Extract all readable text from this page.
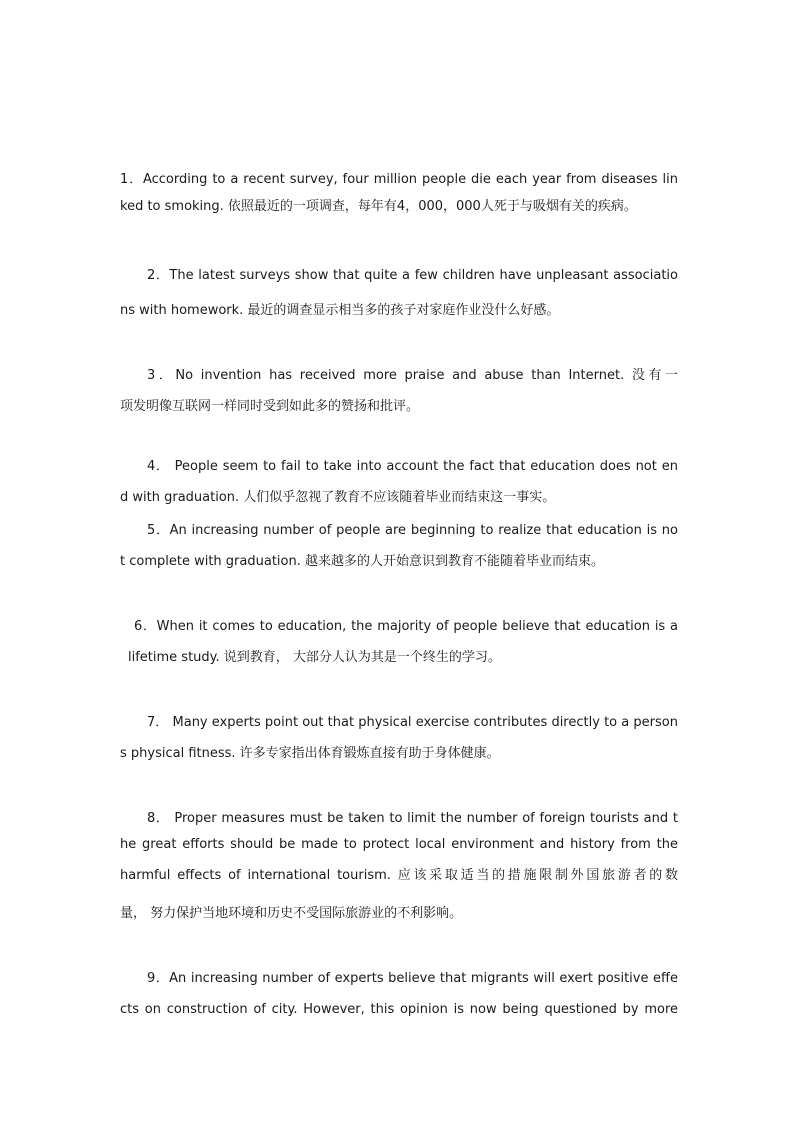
1．According to a recent survey, four million people die each year from diseases lin
ked to smoking. 依照最近的一项调查，每年有4，000，000人死于与吸烟有关的疾病。
2．The latest surveys show that quite a few children have unpleasant associatio
ns with homework. 最近的调查显示相当多的孩子对家庭作业没什么好感。
3．No invention has received more praise and abuse than Internet. 没有一
项发明像互联网一样同时受到如此多的赞扬和批评。
4． People seem to fail to take into account the fact that education does not en
d with graduation. 人们似乎忽视了教育不应该随着毕业而结束这一事实。
5．An increasing number of people are beginning to realize that education is no
t complete with graduation. 越来越多的人开始意识到教育不能随着毕业而结束。
6．When it comes to education, the majority of people believe that education is a
lifetime study. 说到教育， 大部分人认为其是一个终生的学习。
7． Many experts point out that physical exercise contributes directly to a person
s physical fitness. 许多专家指出体育锻炼直接有助于身体健康。
8． Proper measures must be taken to limit the number of foreign tourists and t
he great efforts should be made to protect local environment and history from the
harmful effects of international tourism. 应该采取适当的措施限制外国旅游者的数
量， 努力保护当地环境和历史不受国际旅游业的不利影响。
9．An increasing number of experts believe that migrants will exert positive effe
cts on construction of city. However, this opinion is now being questioned by more
